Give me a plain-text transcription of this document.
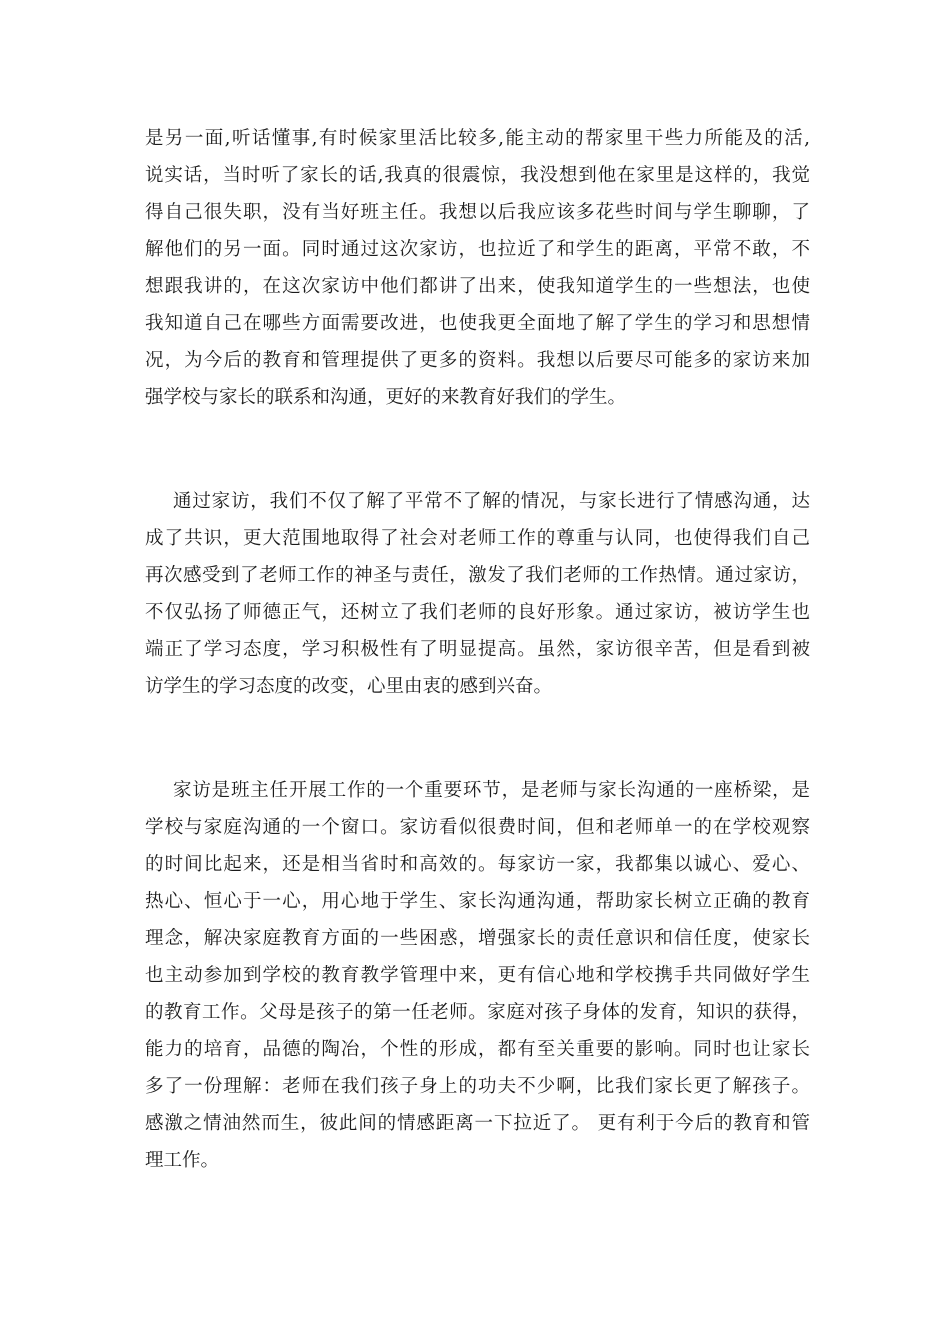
是另一面,听话懂事,有时候家里活比较多,能主动的帮家里干些力所能及的活,
说实话，当时听了家长的话,我真的很震惊，我没想到他在家里是这样的，我觉
得自己很失职，没有当好班主任。我想以后我应该多花些时间与学生聊聊，了
解他们的另一面。同时通过这次家访，也拉近了和学生的距离，平常不敢，不
想跟我讲的，在这次家访中他们都讲了出来，使我知道学生的一些想法，也使
我知道自己在哪些方面需要改进，也使我更全面地了解了学生的学习和思想情
况，为今后的教育和管理提供了更多的资料。我想以后要尽可能多的家访来加
强学校与家长的联系和沟通，更好的来教育好我们的学生。
通过家访，我们不仅了解了平常不了解的情况，与家长进行了情感沟通，达
成了共识，更大范围地取得了社会对老师工作的尊重与认同，也使得我们自己
再次感受到了老师工作的神圣与责任，激发了我们老师的工作热情。通过家访，
不仅弘扬了师德正气，还树立了我们老师的良好形象。通过家访，被访学生也
端正了学习态度，学习积极性有了明显提高。虽然，家访很辛苦，但是看到被
访学生的学习态度的改变，心里由衷的感到兴奋。
家访是班主任开展工作的一个重要环节，是老师与家长沟通的一座桥梁，是
学校与家庭沟通的一个窗口。家访看似很费时间，但和老师单一的在学校观察
的时间比起来，还是相当省时和高效的。每家访一家，我都集以诚心、爱心、
热心、恒心于一心，用心地于学生、家长沟通沟通，帮助家长树立正确的教育
理念，解决家庭教育方面的一些困惑，增强家长的责任意识和信任度，使家长
也主动参加到学校的教育教学管理中来，更有信心地和学校携手共同做好学生
的教育工作。父母是孩子的第一任老师。家庭对孩子身体的发育，知识的获得，
能力的培育，品德的陶冶，个性的形成，都有至关重要的影响。同时也让家长
多了一份理解：老师在我们孩子身上的功夫不少啊，比我们家长更了解孩子。
感激之情油然而生，彼此间的情感距离一下拉近了。 更有利于今后的教育和管
理工作。
